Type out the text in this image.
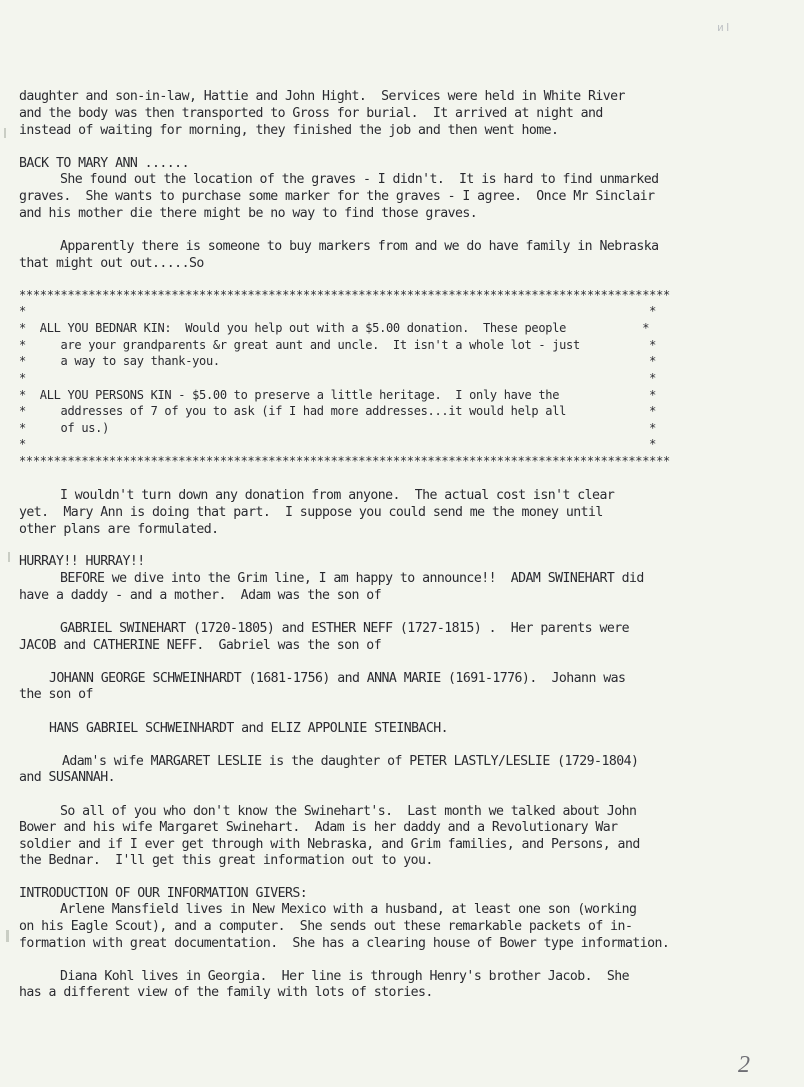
ᴎ l
daughter and son-in-law, Hattie and John Hight.  Services were held in White River
and the body was then transported to Gross for burial.  It arrived at night and
instead of waiting for morning, they finished the job and then went home.
BACK TO MARY ANN ......
She found out the location of the graves - I didn't.  It is hard to find unmarked
graves.  She wants to purchase some marker for the graves - I agree.  Once Mr Sinclair
and his mother die there might be no way to find those graves.
Apparently there is someone to buy markers from and we do have family in Nebraska
that might out out.....So
**********************************************************************************************
*                                                                                          *
*  ALL YOU BEDNAR KIN:  Would you help out with a $5.00 donation.  These people           *
*     are your grandparents &r great aunt and uncle.  It isn't a whole lot - just          *
*     a way to say thank-you.                                                              *
*                                                                                          *
*  ALL YOU PERSONS KIN - $5.00 to preserve a little heritage.  I only have the             *
*     addresses of 7 of you to ask (if I had more addresses...it would help all            *
*     of us.)                                                                              *
*                                                                                          *
**********************************************************************************************
I wouldn't turn down any donation from anyone.  The actual cost isn't clear
yet.  Mary Ann is doing that part.  I suppose you could send me the money until
other plans are formulated.
HURRAY!! HURRAY!!
BEFORE we dive into the Grim line, I am happy to announce!!  ADAM SWINEHART did
have a daddy - and a mother.  Adam was the son of
GABRIEL SWINEHART (1720-1805) and ESTHER NEFF (1727-1815) .  Her parents were
JACOB and CATHERINE NEFF.  Gabriel was the son of
JOHANN GEORGE SCHWEINHARDT (1681-1756) and ANNA MARIE (1691-1776).  Johann was
the son of
HANS GABRIEL SCHWEINHARDT and ELIZ APPOLNIE STEINBACH.
Adam's wife MARGARET LESLIE is the daughter of PETER LASTLY/LESLIE (1729-1804)
and SUSANNAH.
So all of you who don't know the Swinehart's.  Last month we talked about John
Bower and his wife Margaret Swinehart.  Adam is her daddy and a Revolutionary War
soldier and if I ever get through with Nebraska, and Grim families, and Persons, and
the Bednar.  I'll get this great information out to you.
INTRODUCTION OF OUR INFORMATION GIVERS:
Arlene Mansfield lives in New Mexico with a husband, at least one son (working
on his Eagle Scout), and a computer.  She sends out these remarkable packets of in-
formation with great documentation.  She has a clearing house of Bower type information.
Diana Kohl lives in Georgia.  Her line is through Henry's brother Jacob.  She
has a different view of the family with lots of stories.
2
